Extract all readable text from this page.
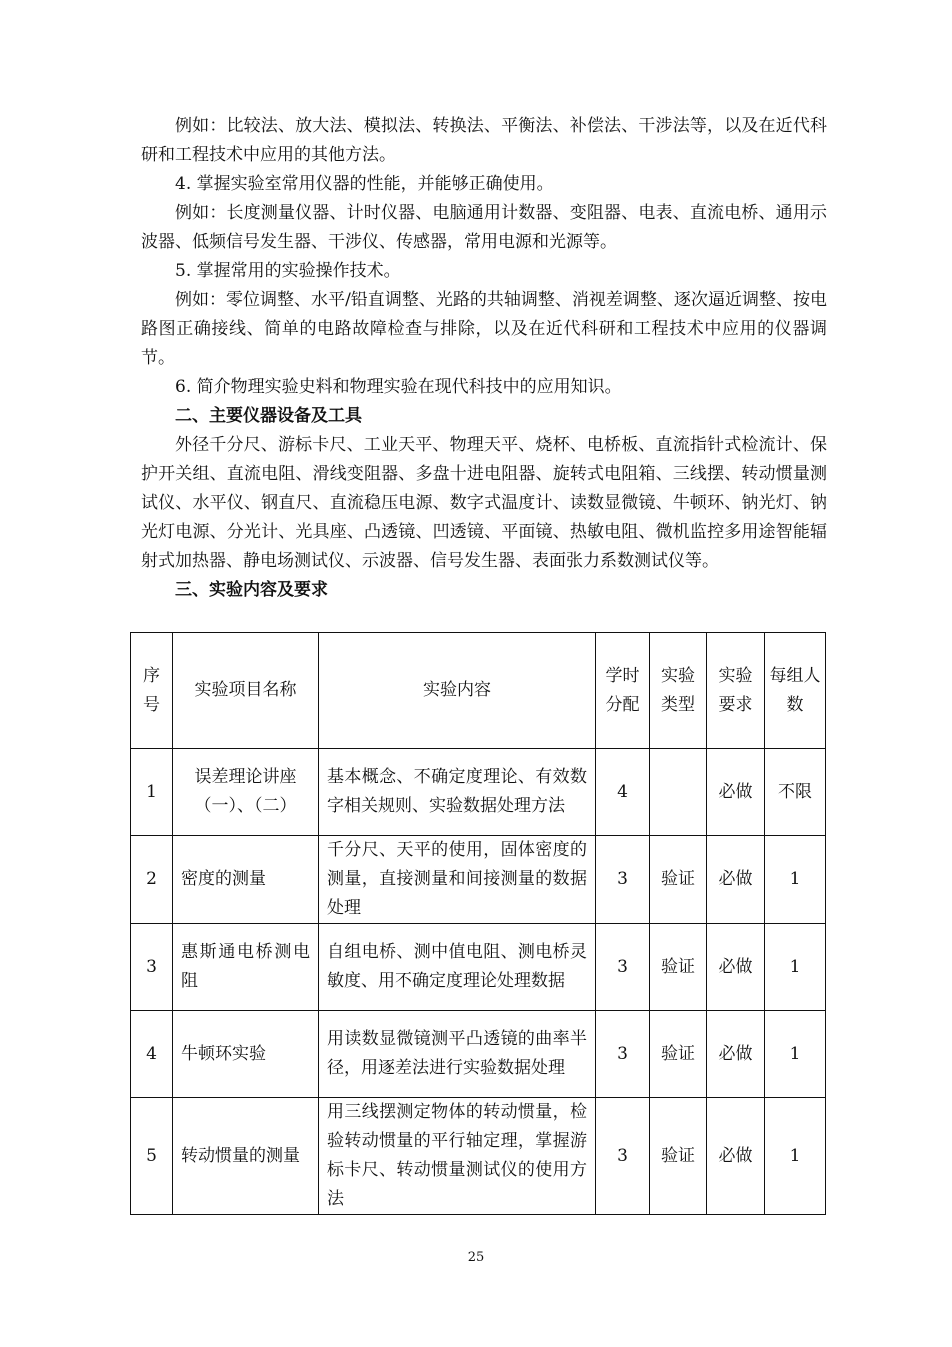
例如：比较法、放大法、模拟法、转换法、平衡法、补偿法、干涉法等，以及在近代科研和工程技术中应用的其他方法。

4. 掌握实验室常用仪器的性能，并能够正确使用。

例如：长度测量仪器、计时仪器、电脑通用计数器、变阻器、电表、直流电桥、通用示波器、低频信号发生器、干涉仪、传感器，常用电源和光源等。

5. 掌握常用的实验操作技术。

例如：零位调整、水平/铅直调整、光路的共轴调整、消视差调整、逐次逼近调整、按电路图正确接线、简单的电路故障检查与排除，以及在近代科研和工程技术中应用的仪器调节。

6. 简介物理实验史料和物理实验在现代科技中的应用知识。

二、主要仪器设备及工具

外径千分尺、游标卡尺、工业天平、物理天平、烧杯、电桥板、直流指针式检流计、保护开关组、直流电阻、滑线变阻器、多盘十进电阻器、旋转式电阻箱、三线摆、转动惯量测试仪、水平仪、钢直尺、直流稳压电源、数字式温度计、读数显微镜、牛顿环、钠光灯、钠光灯电源、分光计、光具座、凸透镜、凹透镜、平面镜、热敏电阻、微机监控多用途智能辐射式加热器、静电场测试仪、示波器、信号发生器、表面张力系数测试仪等。

三、实验内容及要求

序号	实验项目名称	实验内容	学时分配	实验类型	实验要求	每组人数
1	误差理论讲座（一）、（二）	基本概念、不确定度理论、有效数字相关规则、实验数据处理方法	4		必做	不限
2	密度的测量	千分尺、天平的使用，固体密度的测量，直接测量和间接测量的数据处理	3	验证	必做	1
3	惠斯通电桥测电阻	自组电桥、测中值电阻、测电桥灵敏度、用不确定度理论处理数据	3	验证	必做	1
4	牛顿环实验	用读数显微镜测平凸透镜的曲率半径，用逐差法进行实验数据处理	3	验证	必做	1
5	转动惯量的测量	用三线摆测定物体的转动惯量，检验转动惯量的平行轴定理，掌握游标卡尺、转动惯量测试仪的使用方法	3	验证	必做	1
25
